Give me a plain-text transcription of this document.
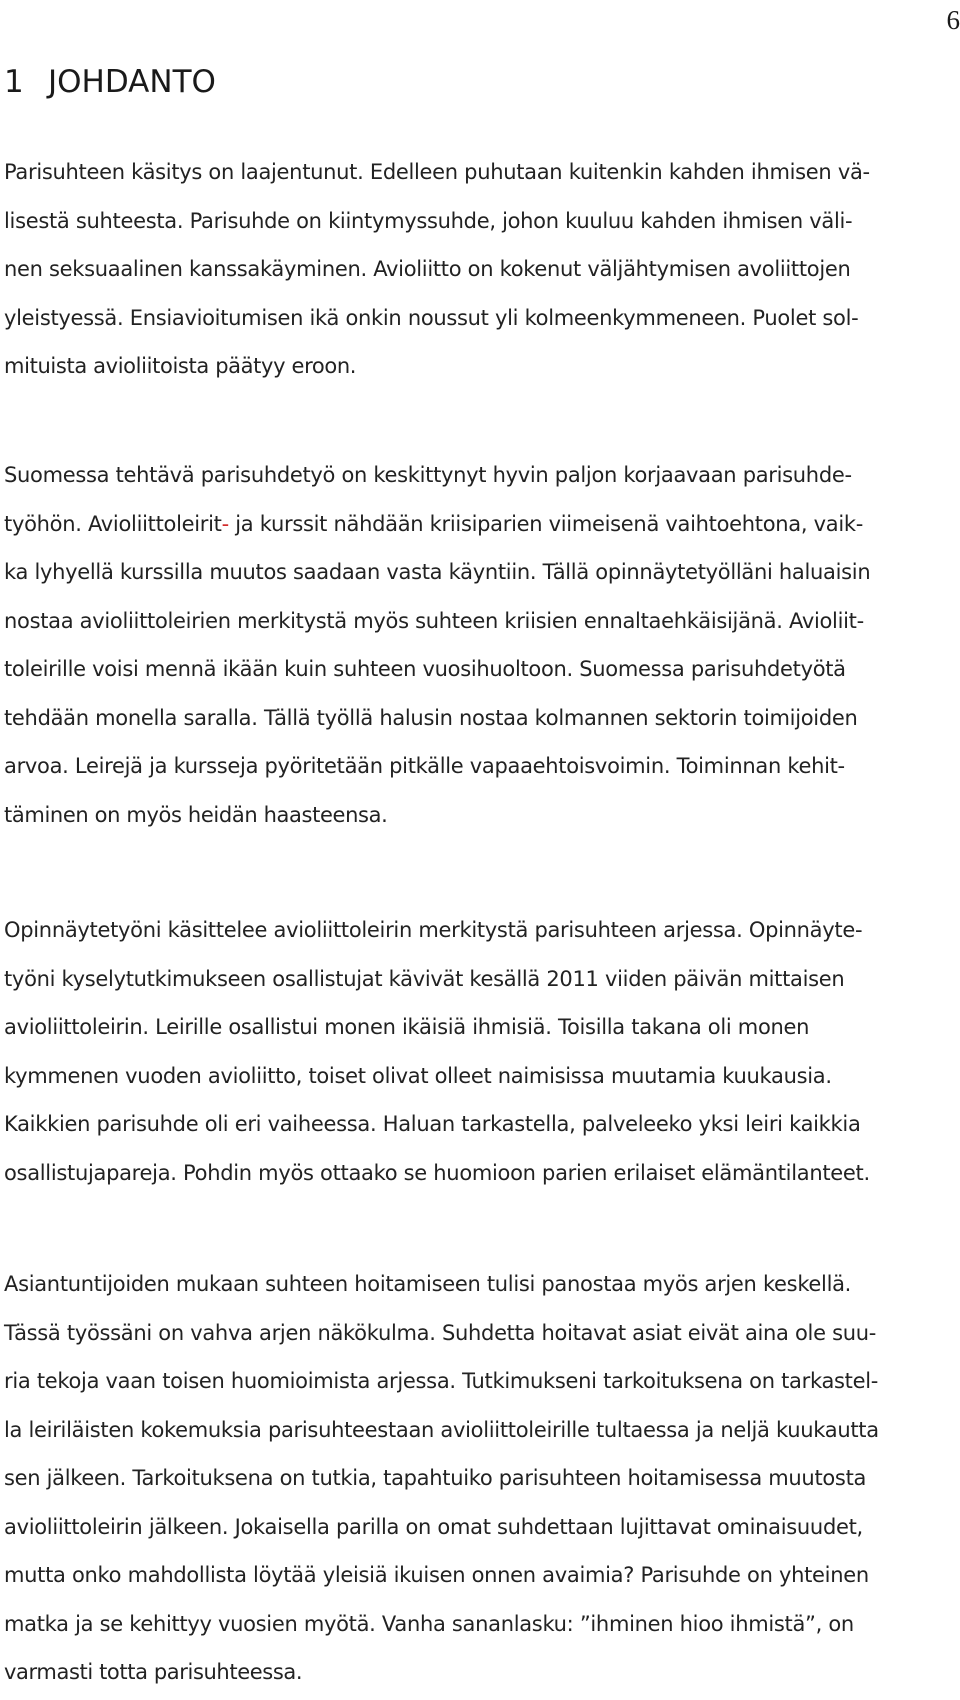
6
1 JOHDANTO
Parisuhteen käsitys on laajentunut. Edelleen puhutaan kuitenkin kahden ihmisen vä-
lisestä suhteesta. Parisuhde on kiintymyssuhde, johon kuuluu kahden ihmisen väli-
nen seksuaalinen kanssakäyminen. Avioliitto on kokenut väljähtymisen avoliittojen
yleistyessä. Ensiavioitumisen ikä onkin noussut yli kolmeenkymmeneen. Puolet sol-
mituista avioliitoista päätyy eroon.
Suomessa tehtävä parisuhdetyö on keskittynyt hyvin paljon korjaavaan parisuhde-
työhön. Avioliittoleirit- ja kurssit nähdään kriisiparien viimeisenä vaihtoehtona, vaik-
ka lyhyellä kurssilla muutos saadaan vasta käyntiin. Tällä opinnäytetyölläni haluaisin
nostaa avioliittoleirien merkitystä myös suhteen kriisien ennaltaehkäisijänä. Avioliit-
toleirille voisi mennä ikään kuin suhteen vuosihuoltoon. Suomessa parisuhdetyötä
tehdään monella saralla. Tällä työllä halusin nostaa kolmannen sektorin toimijoiden
arvoa. Leirejä ja kursseja pyöritetään pitkälle vapaaehtoisvoimin. Toiminnan kehit-
täminen on myös heidän haasteensa.
Opinnäytetyöni käsittelee avioliittoleirin merkitystä parisuhteen arjessa. Opinnäyte-
työni kyselytutkimukseen osallistujat kävivät kesällä 2011 viiden päivän mittaisen
avioliittoleirin. Leirille osallistui monen ikäisiä ihmisiä. Toisilla takana oli monen
kymmenen vuoden avioliitto, toiset olivat olleet naimisissa muutamia kuukausia.
Kaikkien parisuhde oli eri vaiheessa. Haluan tarkastella, palveleeko yksi leiri kaikkia
osallistujapareja. Pohdin myös ottaako se huomioon parien erilaiset elämäntilanteet.
Asiantuntijoiden mukaan suhteen hoitamiseen tulisi panostaa myös arjen keskellä.
Tässä työssäni on vahva arjen näkökulma. Suhdetta hoitavat asiat eivät aina ole suu-
ria tekoja vaan toisen huomioimista arjessa. Tutkimukseni tarkoituksena on tarkastel-
la leiriläisten kokemuksia parisuhteestaan avioliittoleirille tultaessa ja neljä kuukautta
sen jälkeen. Tarkoituksena on tutkia, tapahtuiko parisuhteen hoitamisessa muutosta
avioliittoleirin jälkeen. Jokaisella parilla on omat suhdettaan lujittavat ominaisuudet,
mutta onko mahdollista löytää yleisiä ikuisen onnen avaimia? Parisuhde on yhteinen
matka ja se kehittyy vuosien myötä. Vanha sananlasku: ”ihminen hioo ihmistä”, on
varmasti totta parisuhteessa.
